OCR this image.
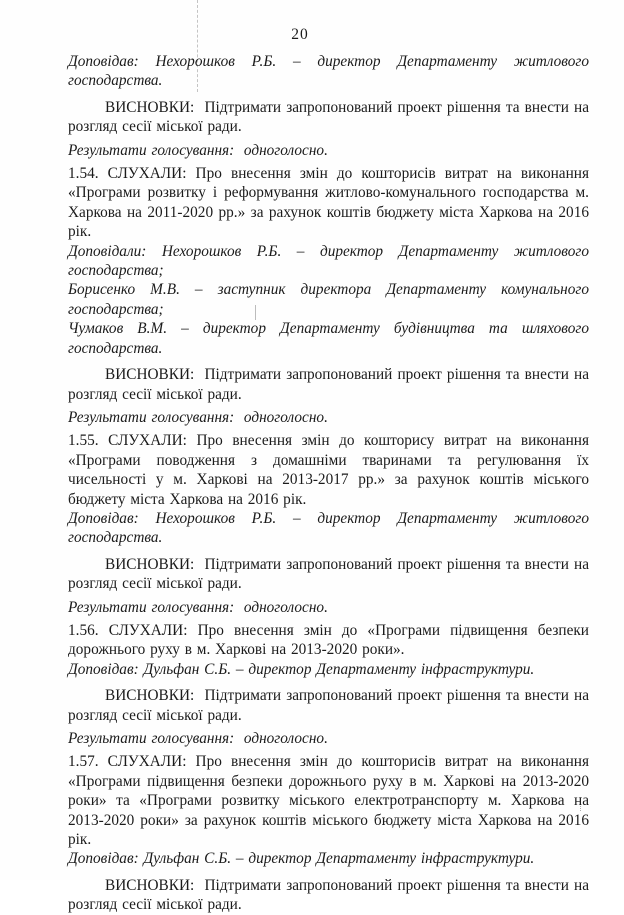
20

Доповідав: Нехорошков Р.Б. – директор Департаменту житлового господарства.

ВИСНОВКИ:  Підтримати запропонований проект рішення та внести на розгляд сесії міської ради.

Результати голосування:  одноголосно.

1.54. СЛУХАЛИ: Про внесення змін до кошторисів витрат на виконання «Програми розвитку і реформування житлово-комунального господарства м. Харкова на 2011-2020 рр.» за рахунок коштів бюджету міста Харкова на 2016 рік.

Доповідали: Нехорошков Р.Б. – директор Департаменту житлового господарства;

Борисенко М.В. – заступник директора Департаменту комунального господарства;

Чумаков В.М. – директор Департаменту будівництва та шляхового господарства.

ВИСНОВКИ:  Підтримати запропонований проект рішення та внести на розгляд сесії міської ради.

Результати голосування:  одноголосно.

1.55. СЛУХАЛИ: Про внесення змін до кошторису витрат на виконання «Програми поводження з домашніми тваринами та регулювання їх чисельності у м. Харкові на 2013-2017 рр.» за рахунок коштів міського бюджету міста Харкова на 2016 рік.

Доповідав: Нехорошков Р.Б. – директор Департаменту житлового господарства.

ВИСНОВКИ:  Підтримати запропонований проект рішення та внести на розгляд сесії міської ради.

Результати голосування:  одноголосно.

1.56. СЛУХАЛИ: Про внесення змін до «Програми підвищення безпеки дорожнього руху в м. Харкові на 2013-2020 роки».

Доповідав: Дульфан С.Б. – директор Департаменту інфраструктури.

ВИСНОВКИ:  Підтримати запропонований проект рішення та внести на розгляд сесії міської ради.

Результати голосування:  одноголосно.

1.57. СЛУХАЛИ: Про внесення змін до кошторисів витрат на виконання «Програми підвищення безпеки дорожнього руху в м. Харкові на 2013-2020 роки» та «Програми розвитку міського електротранспорту м. Харкова на 2013-2020 роки» за рахунок коштів міського бюджету міста Харкова на 2016 рік.

Доповідав: Дульфан С.Б. – директор Департаменту інфраструктури.

ВИСНОВКИ:  Підтримати запропонований проект рішення та внести на розгляд сесії міської ради.
